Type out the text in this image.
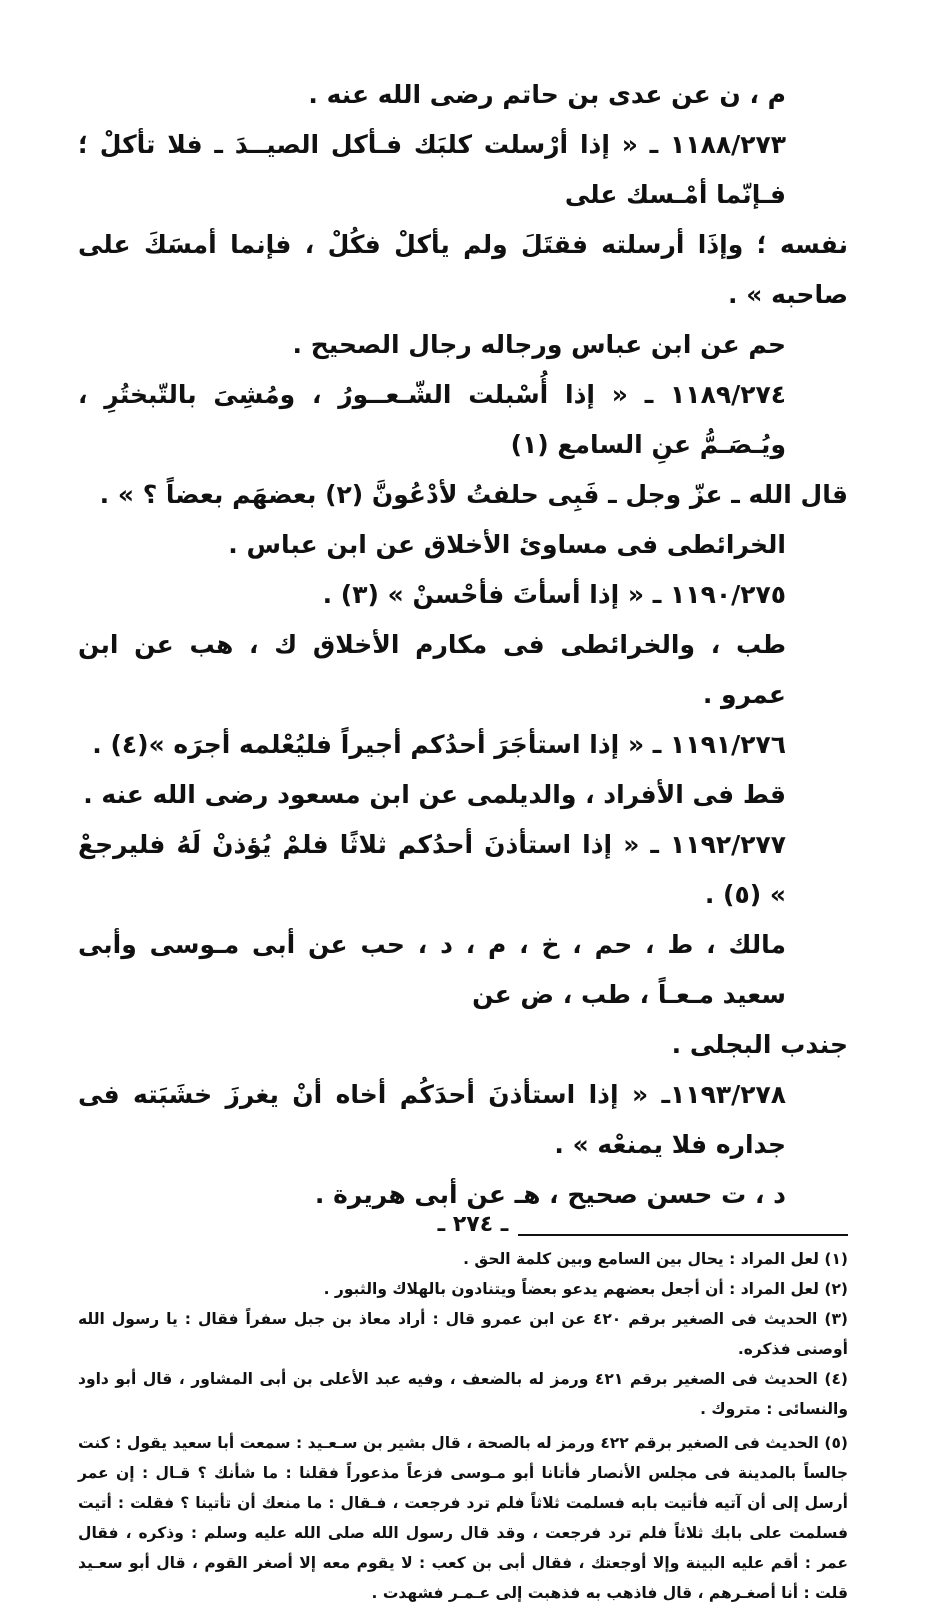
م ، ن عن عدى بن حاتم رضى الله عنه .

١١٨٨/٢٧٣ ـ « إذا أرْسلت كلبَك فـأكل الصيــدَ ـ فلا تأكلْ ؛ فـإنّما أمْـسك على

نفسه ؛ وإذَا أرسلته فقتَلَ ولم يأكلْ فكُلْ ، فإنما أمسَكَ على صاحبه » .

حم عن ابن عباس ورجاله رجال الصحيح .

١١٨٩/٢٧٤ ـ « إذا أُسْبلت الشّـعــورُ ، ومُشِىَ بالتّبختُرِ ، ويُـصَـمُّ عنِ السامع (١)

قال الله ـ عزّ وجل ـ فَبِى حلفتُ لأدْعُونَّ (٢) بعضهَم بعضاً ؟ » .

الخرائطى فى مساوئ الأخلاق عن ابن عباس .

١١٩٠/٢٧٥ ـ « إذا أسأتَ فأحْسنْ » (٣) .

طب ، والخرائطى فى مكارم الأخلاق ك ، هب عن ابن عمرو .

١١٩١/٢٧٦ ـ « إذا استأجَرَ أحدُكم أجيراً فليُعْلمه أجرَه »(٤) .

قط فى الأفراد ، والديلمى عن ابن مسعود رضى الله عنه .

١١٩٢/٢٧٧ ـ « إذا استأذنَ أحدُكم ثلاثًا فلمْ يُؤذنْ لَهُ فليرجعْ » (٥) .

مالك ، ط ، حم ، خ ، م ، د ، حب عن أبى مـوسى وأبى سعيد مـعـاً ، طب ، ض عن

جندب البجلى .

١١٩٣/٢٧٨ـ « إذا استأذنَ أحدَكُم أخاه أنْ يغرزَ خشَبَته فى جداره فلا يمنعْه » .

د ، ت حسن صحيح ، هـ عن أبى هريرة .

(١) لعل المراد : يحال بين السامع وبين كلمة الحق .

(٢) لعل المراد : أن أجعل بعضهم يدعو بعضاً ويتنادون بالهلاك والثبور .

(٣) الحديث فى الصغير برقم ٤٢٠ عن ابن عمرو قال : أراد معاذ بن جبل سفراً فقال : يا رسول الله أوصنى فذكره.

(٤) الحديث فى الصغير برقم ٤٢١ ورمز له بالضعف ، وفيه عبد الأعلى بن أبى المشاور ، قال أبو داود والنسائى : متروك .

(٥) الحديث فى الصغير برقم ٤٢٢ ورمز له بالصحة ، قال بشير بن سـعـيد : سمعت أبا سعيد يقول : كنت جالساً بالمدينة فى مجلس الأنصار فأتانا أبو مـوسى فزعاً مذعوراً فقلنا : ما شأنك ؟ قـال : إن عمر أرسل إلى أن آتيه فأتيت بابه فسلمت ثلاثاً فلم ترد فرجعت ، فـقال : ما منعك أن تأتينا ؟ فقلت : أتيت فسلمت على بابك ثلاثاً فلم ترد فرجعت ، وقد قال رسول الله صلى الله عليه وسلم : وذكره ، فقال عمر : أقم عليه البينة وإلا أوجعتك ، فقال أبى بن كعب : لا يقوم معه إلا أصغر القوم ، قال أبو سعـيد قلت : أنا أصغـرهم ، قال فاذهب به فذهبت إلى عـمـر فشهدت .

ـ ٢٧٤ ـ
